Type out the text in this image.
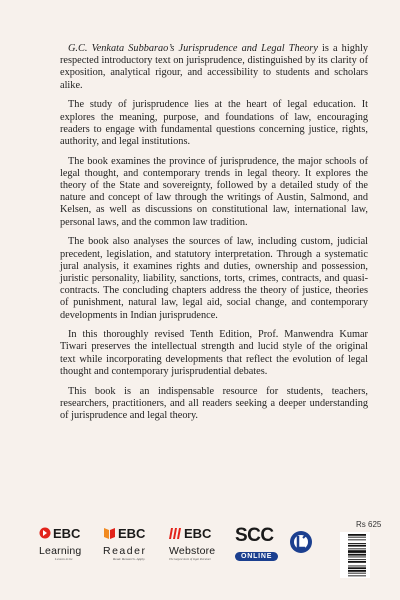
G.C. Venkata Subbarao’s Jurisprudence and Legal Theory is a highly respected introductory text on jurisprudence, distinguished by its clarity of exposition, analytical rigour, and accessibility to students and scholars alike.

The study of jurisprudence lies at the heart of legal education. It explores the meaning, purpose, and foundations of law, encouraging readers to engage with fundamental questions concerning justice, rights, authority, and legal institutions.

The book examines the province of jurisprudence, the major schools of legal thought, and contemporary trends in legal theory. It explores the theory of the State and sovereignty, followed by a detailed study of the nature and concept of law through the writings of Austin, Salmond, and Kelsen, as well as discussions on constitutional law, international law, personal laws, and the common law tradition.

The book also analyses the sources of law, including custom, judicial precedent, legislation, and statutory interpretation. Through a systematic jural analysis, it examines rights and duties, ownership and possession, juristic personality, liability, sanctions, torts, crimes, contracts, and quasi-contracts. The concluding chapters address the theory of justice, theories of punishment, natural law, legal aid, social change, and contemporary developments in Indian jurisprudence.

In this thoroughly revised Tenth Edition, Prof. Manwendra Kumar Tiwari preserves the intellectual strength and lucid style of the original text while incorporating developments that reflect the evolution of legal thought and contemporary jurisprudential debates.

This book is an indispensable resource for students, teachers, researchers, practitioners, and all readers seeking a deeper understanding of jurisprudence and legal theory.

Rs 625
EBC
Learning
Lesson to be
EBC
Reader
Read. Research. Apply.
EBC
Webstore
The largest store of legal literature
SCC
ONLINE
